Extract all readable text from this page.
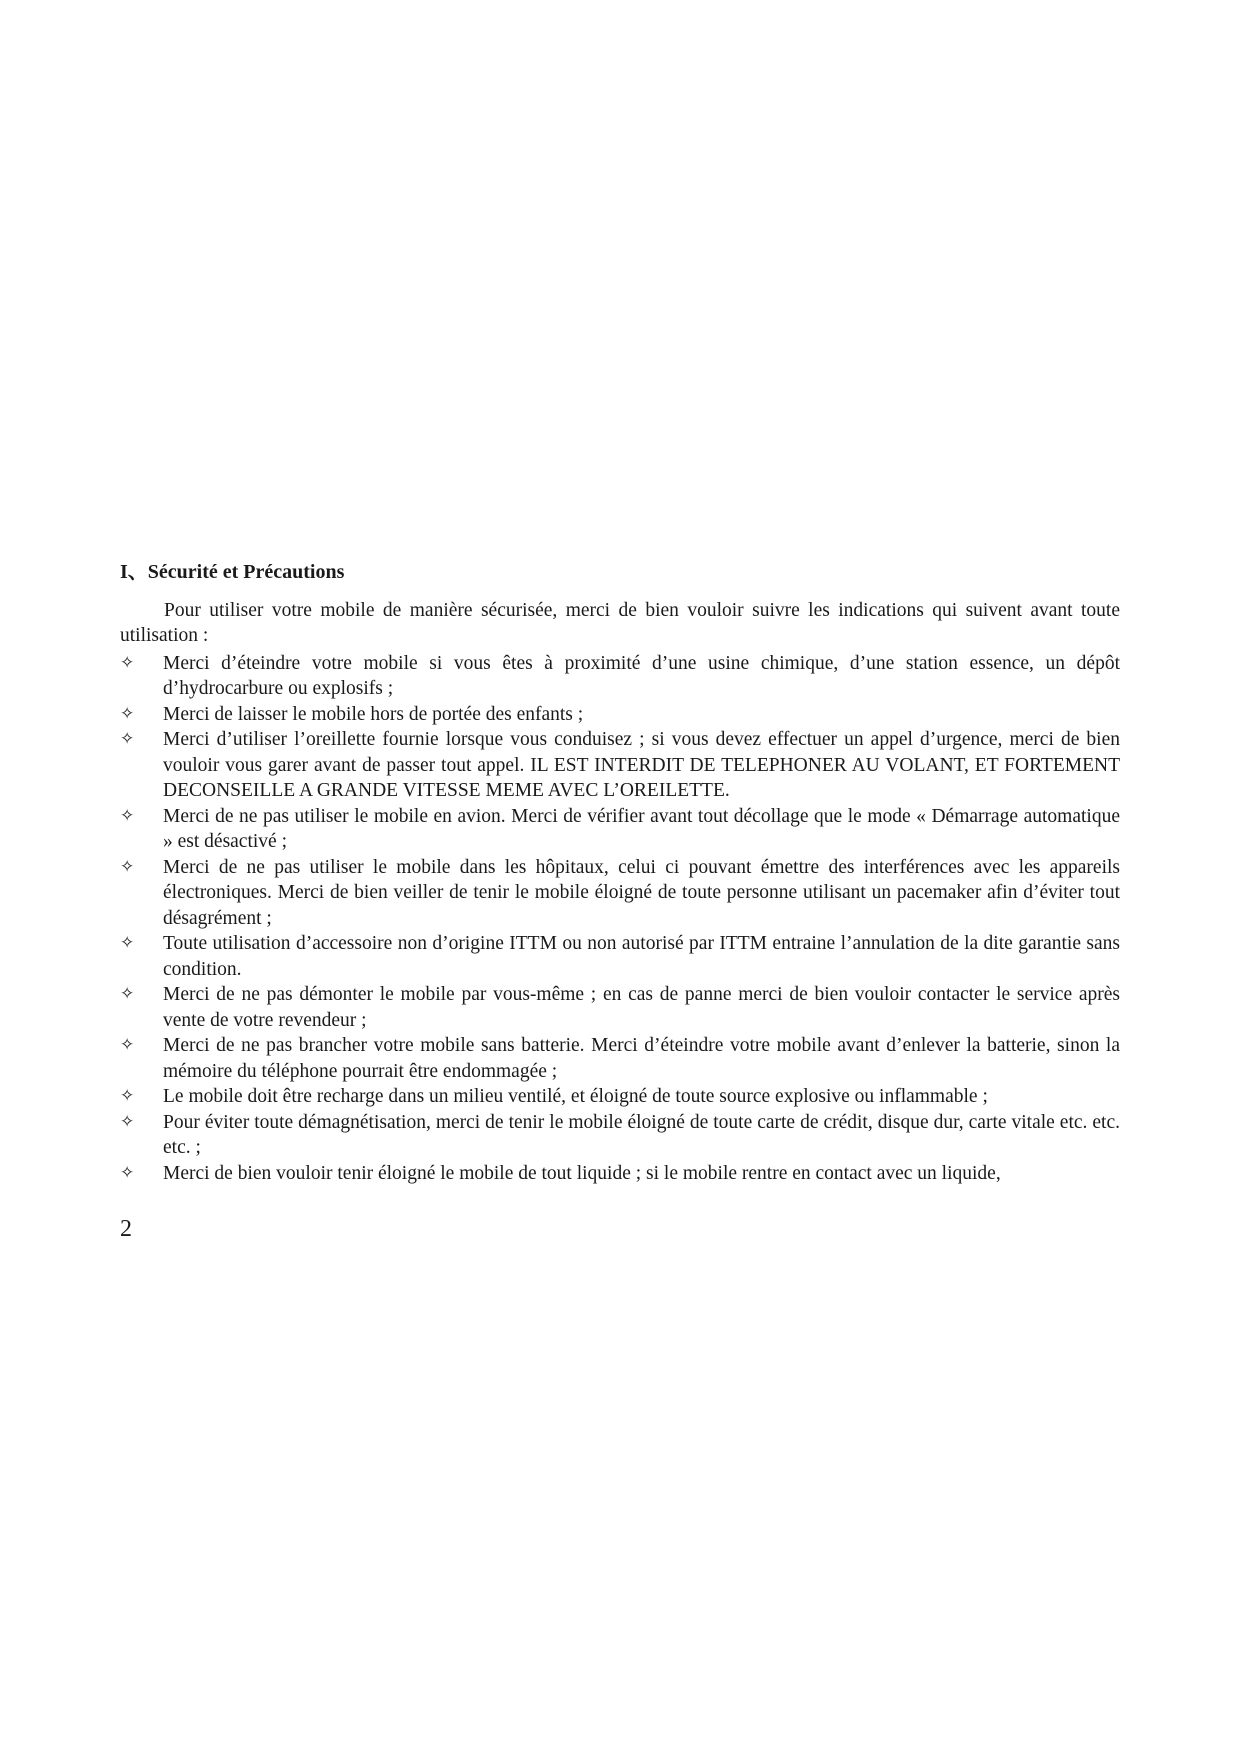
I、Sécurité et Précautions

Pour utiliser votre mobile de manière sécurisée, merci de bien vouloir suivre les indications qui suivent avant toute utilisation :

✧ Merci d’éteindre votre mobile si vous êtes à proximité d’une usine chimique, d’une station essence, un dépôt d’hydrocarbure ou explosifs ;
✧ Merci de laisser le mobile hors de portée des enfants ;
✧ Merci d’utiliser l’oreillette fournie lorsque vous conduisez ; si vous devez effectuer un appel d’urgence, merci de bien vouloir vous garer avant de passer tout appel. IL EST INTERDIT DE TELEPHONER AU VOLANT, ET FORTEMENT DECONSEILLE A GRANDE VITESSE MEME AVEC L’OREILETTE.
✧ Merci de ne pas utiliser le mobile en avion. Merci de vérifier avant tout décollage que le mode « Démarrage automatique » est désactivé ;
✧ Merci de ne pas utiliser le mobile dans les hôpitaux, celui ci pouvant émettre des interférences avec les appareils électroniques. Merci de bien veiller de tenir le mobile éloigné de toute personne utilisant un pacemaker afin d’éviter tout désagrément ;
✧ Toute utilisation d’accessoire non d’origine ITTM ou non autorisé par ITTM entraine l’annulation de la dite garantie sans condition.
✧ Merci de ne pas démonter le mobile par vous-même ; en cas de panne merci de bien vouloir contacter le service après vente de votre revendeur ;
✧ Merci de ne pas brancher votre mobile sans batterie. Merci d’éteindre votre mobile avant d’enlever la batterie, sinon la mémoire du téléphone pourrait être endommagée ;
✧ Le mobile doit être recharge dans un milieu ventilé, et éloigné de toute source explosive ou inflammable ;
✧ Pour éviter toute démagnétisation, merci de tenir le mobile éloigné de toute carte de crédit, disque dur, carte vitale etc. etc. etc. ;
✧ Merci de bien vouloir tenir éloigné le mobile de tout liquide ; si le mobile rentre en contact avec un liquide,
2
